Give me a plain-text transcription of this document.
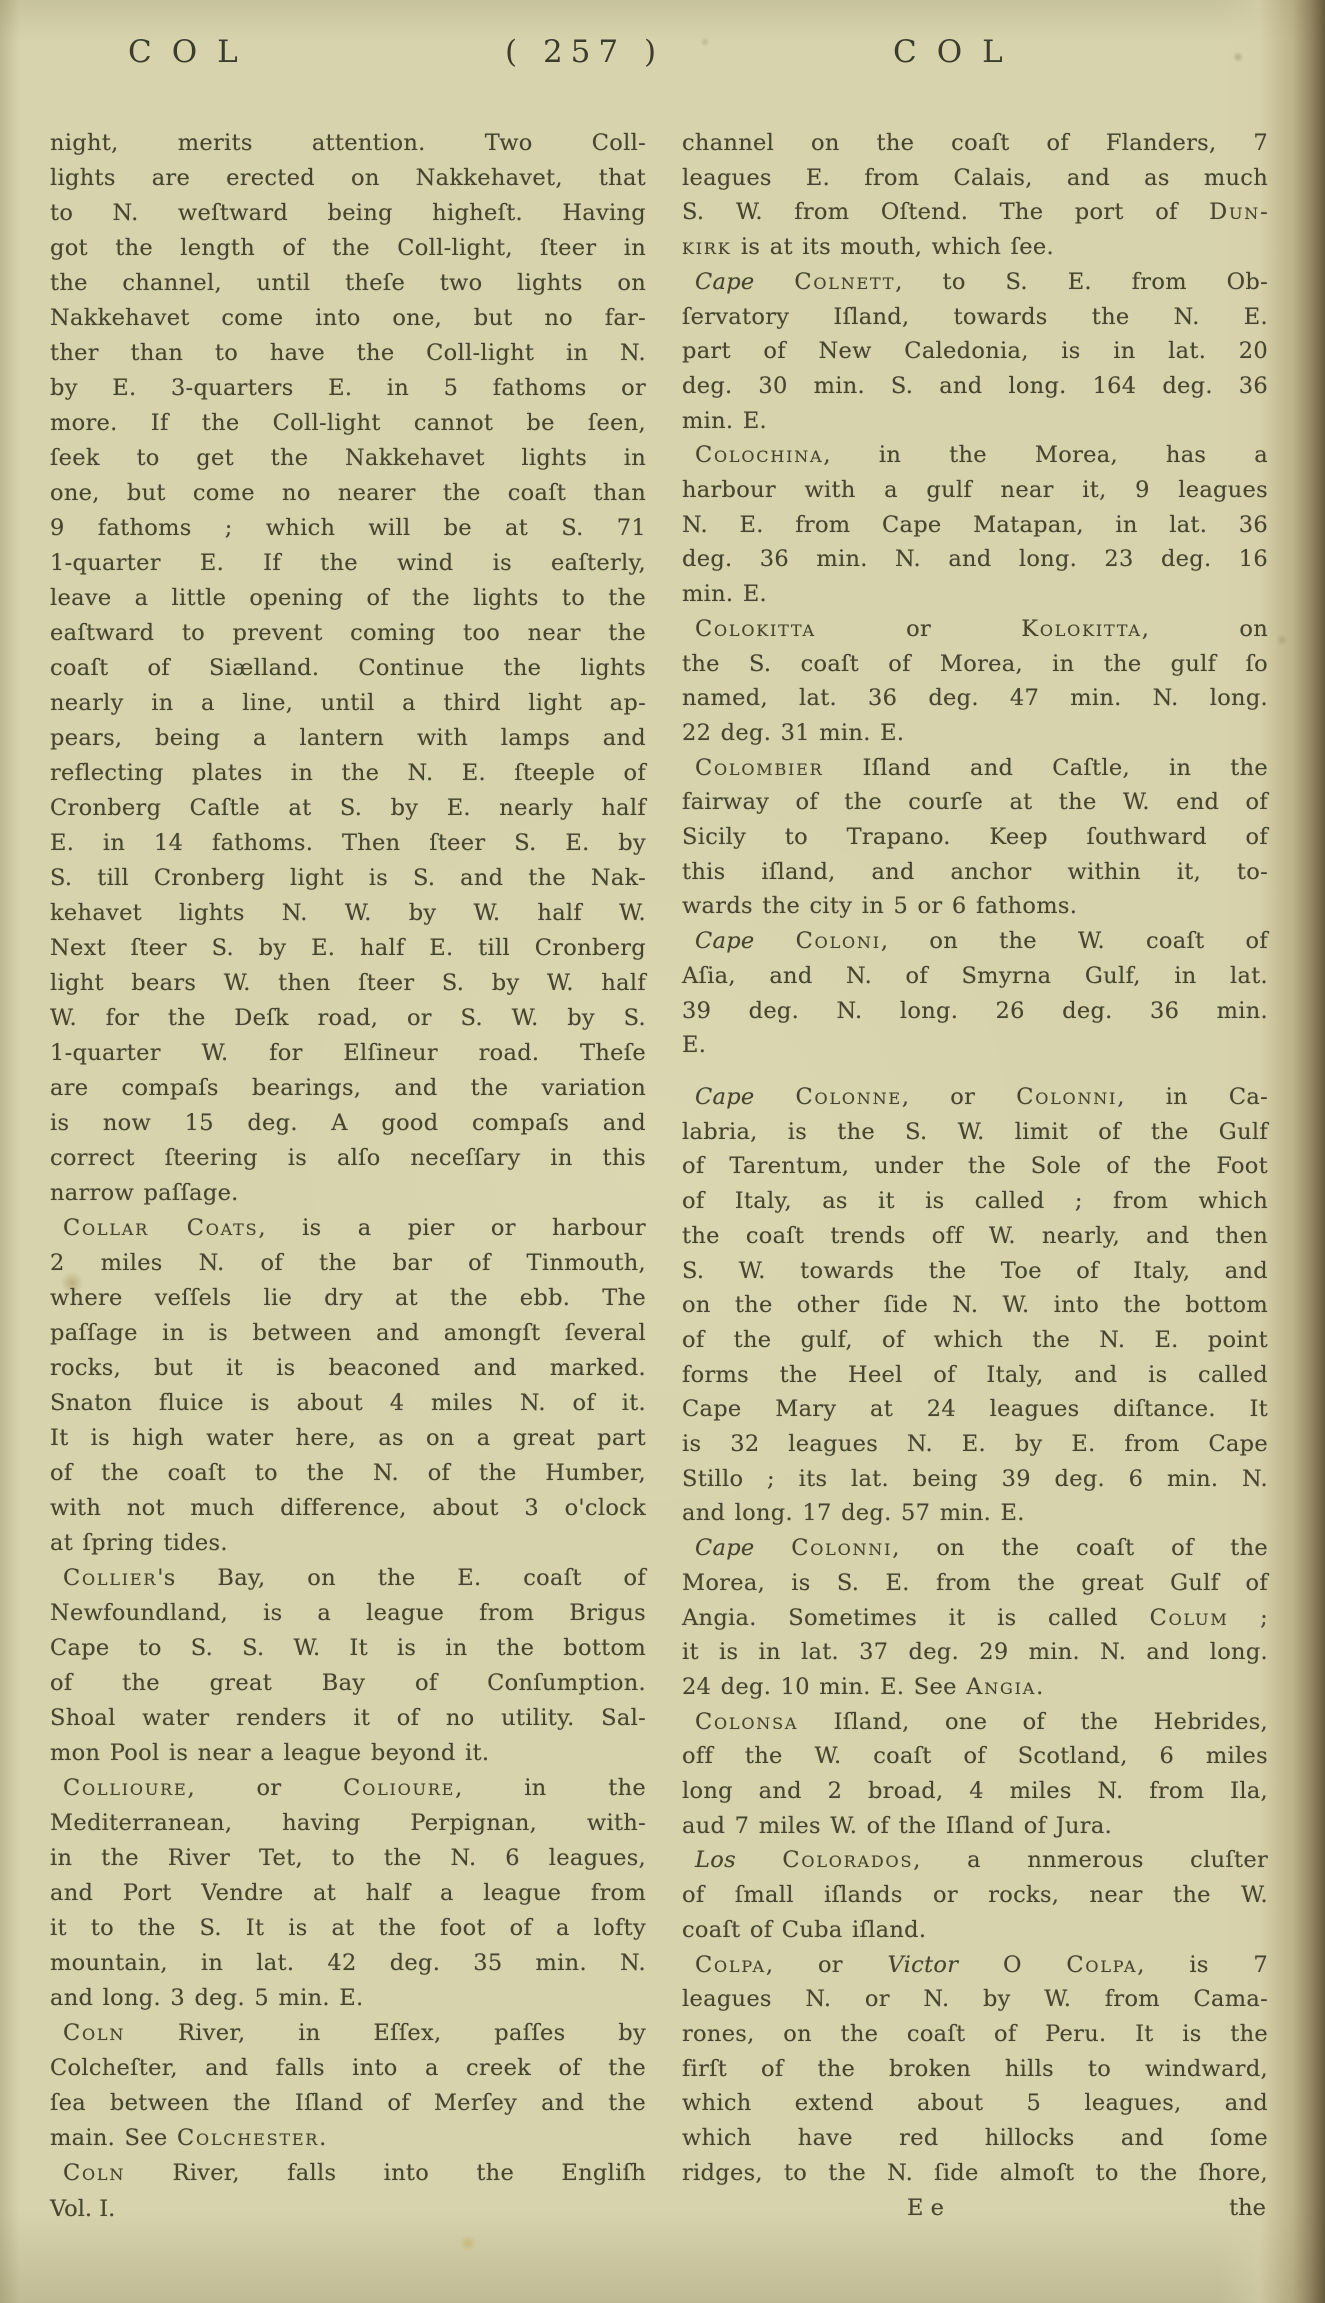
COL	( 257 )	COL
night, merits attention. Two Coll-
lights are erected on Nakkehavet, that
to N. weſtward being higheſt. Having
got the length of the Coll-light, ſteer in
the channel, until theſe two lights on
Nakkehavet come into one, but no far-
ther than to have the Coll-light in N.
by E. 3-quarters E. in 5 fathoms or
more. If the Coll-light cannot be ſeen,
ſeek to get the Nakkehavet lights in
one, but come no nearer the coaſt than
9 fathoms ; which will be at S. 71
1-quarter E. If the wind is eaſterly,
leave a little opening of the lights to the
eaſtward to prevent coming too near the
coaſt of Siælland. Continue the lights
nearly in a line, until a third light ap-
pears, being a lantern with lamps and
reflecting plates in the N. E. ſteeple of
Cronberg Caſtle at S. by E. nearly half
E. in 14 fathoms. Then ſteer S. E. by
S. till Cronberg light is S. and the Nak-
kehavet lights N. W. by W. half W.
Next ſteer S. by E. half E. till Cronberg
light bears W. then ſteer S. by W. half
W. for the Deſk road, or S. W. by S.
1-quarter W. for Elſineur road. Theſe
are compaſs bearings, and the variation
is now 15 deg. A good compaſs and
correct ſteering is alſo neceſſary in this
narrow paſſage.
Collar Coats, is a pier or harbour
2 miles N. of the bar of Tinmouth,
where veſſels lie dry at the ebb. The
paſſage in is between and amongſt ſeveral
rocks, but it is beaconed and marked.
Snaton fluice is about 4 miles N. of it.
It is high water here, as on a great part
of the coaſt to the N. of the Humber,
with not much difference, about 3 o'clock
at ſpring tides.
Collier's Bay, on the E. coaſt of
Newfoundland, is a league from Brigus
Cape to S. S. W. It is in the bottom
of the great Bay of Conſumption.
Shoal water renders it of no utility. Sal-
mon Pool is near a league beyond it.
Collioure, or Colioure, in the
Mediterranean, having Perpignan, with-
in the River Tet, to the N. 6 leagues,
and Port Vendre at half a league from
it to the S. It is at the foot of a lofty
mountain, in lat. 42 deg. 35 min. N.
and long. 3 deg. 5 min. E.
Coln River, in Eſſex, paſſes by
Colcheſter, and falls into a creek of the
ſea between the Iſland of Merſey and the
main. See Colchester.
Coln River, falls into the Engliſh
Vol. I.
channel on the coaſt of Flanders, 7
leagues E. from Calais, and as much
S. W. from Oſtend. The port of Dun-
kirk is at its mouth, which ſee.
Cape Colnett, to S. E. from Ob-
ſervatory Iſland, towards the N. E.
part of New Caledonia, is in lat. 20
deg. 30 min. S. and long. 164 deg. 36
min. E.
Colochina, in the Morea, has a
harbour with a gulf near it, 9 leagues
N. E. from Cape Matapan, in lat. 36
deg. 36 min. N. and long. 23 deg. 16
min. E.
Colokitta or Kolokitta, on
the S. coaſt of Morea, in the gulf ſo
named, lat. 36 deg. 47 min. N. long.
22 deg. 31 min. E.
Colombier Iſland and Caſtle, in the
fairway of the courſe at the W. end of
Sicily to Trapano. Keep ſouthward of
this iſland, and anchor within it, to-
wards the city in 5 or 6 fathoms.
Cape Coloni, on the W. coaſt of
Aſia, and N. of Smyrna Gulf, in lat.
39 deg. N. long. 26 deg. 36 min.
E.
Cape Colonne, or Colonni, in Ca-
labria, is the S. W. limit of the Gulf
of Tarentum, under the Sole of the Foot
of Italy, as it is called ; from which
the coaſt trends off W. nearly, and then
S. W. towards the Toe of Italy, and
on the other ſide N. W. into the bottom
of the gulf, of which the N. E. point
forms the Heel of Italy, and is called
Cape Mary at 24 leagues diſtance. It
is 32 leagues N. E. by E. from Cape
Stillo ; its lat. being 39 deg. 6 min. N.
and long. 17 deg. 57 min. E.
Cape Colonni, on the coaſt of the
Morea, is S. E. from the great Gulf of
Angia. Sometimes it is called Colum ;
it is in lat. 37 deg. 29 min. N. and long.
24 deg. 10 min. E. See Angia.
Colonsa Iſland, one of the Hebrides,
off the W. coaſt of Scotland, 6 miles
long and 2 broad, 4 miles N. from Ila,
aud 7 miles W. of the Iſland of Jura.
Los Colorados, a nnmerous cluſter
of ſmall iſlands or rocks, near the W.
coaſt of Cuba iſland.
Colpa, or Victor O Colpa, is 7
leagues N. or N. by W. from Cama-
rones, on the coaſt of Peru. It is the
firſt of the broken hills to windward,
which extend about 5 leagues, and
which have red hillocks and ſome
ridges, to the N. ſide almoſt to the ſhore,
E e	the
